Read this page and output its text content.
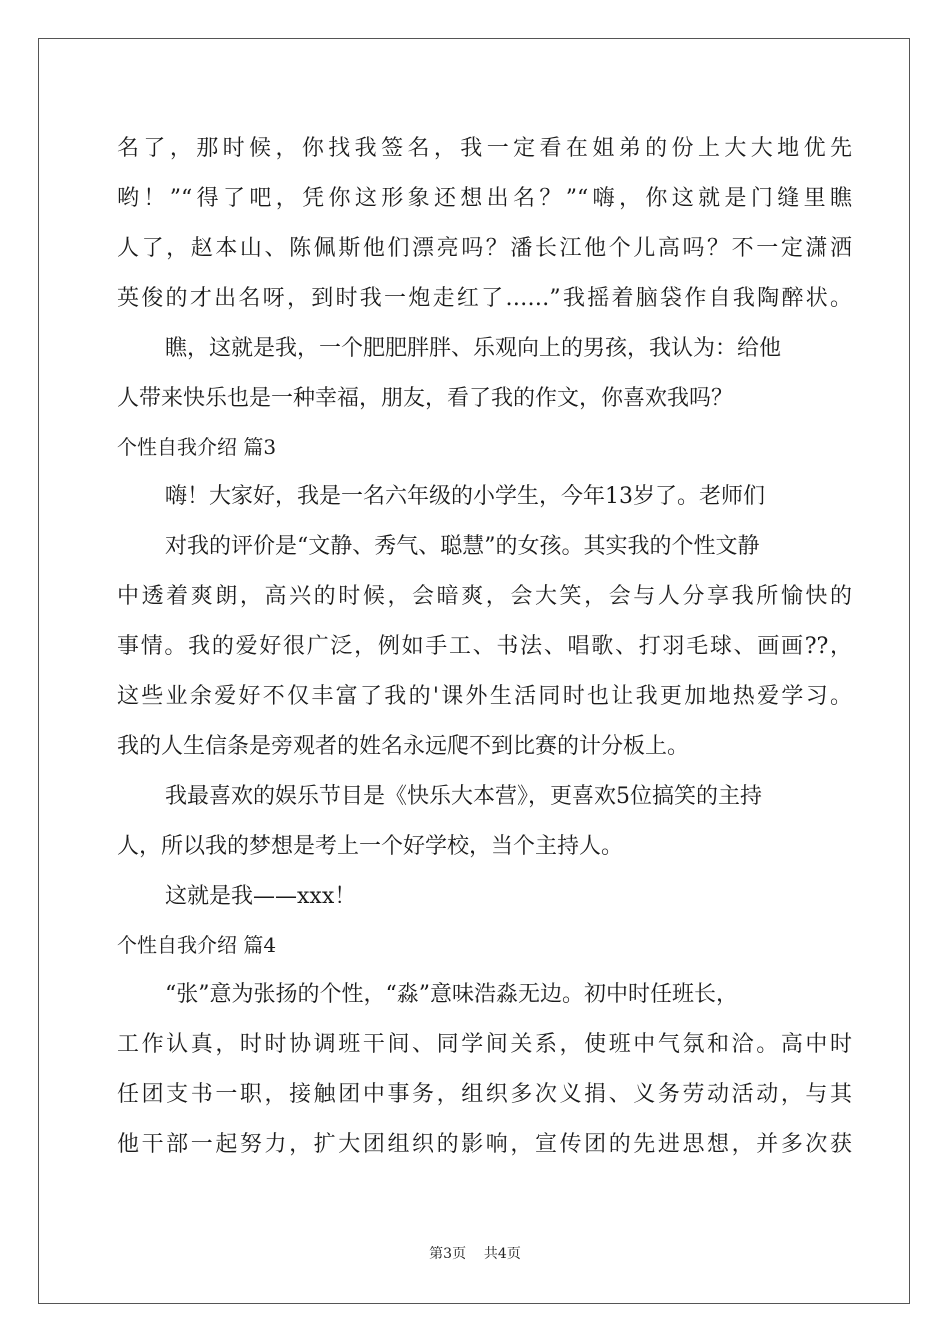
名了，那时候，你找我签名，我一定看在姐弟的份上大大地优先
哟！”“得了吧，凭你这形象还想出名？”“嗨，你这就是门缝里瞧
人了，赵本山、陈佩斯他们漂亮吗？潘长江他个儿高吗？不一定潇洒
英俊的才出名呀，到时我一炮走红了……”我摇着脑袋作自我陶醉状。
瞧，这就是我，一个肥肥胖胖、乐观向上的男孩，我认为：给他
人带来快乐也是一种幸福，朋友，看了我的作文，你喜欢我吗？
个性自我介绍 篇3
嗨！大家好，我是一名六年级的小学生，今年13岁了。老师们
对我的评价是“文静、秀气、聪慧”的女孩。其实我的个性文静
中透着爽朗，高兴的时候，会暗爽，会大笑，会与人分享我所愉快的
事情。我的爱好很广泛，例如手工、书法、唱歌、打羽毛球、画画??，
这些业余爱好不仅丰富了我的'课外生活同时也让我更加地热爱学习。
我的人生信条是旁观者的姓名永远爬不到比赛的计分板上。
我最喜欢的娱乐节目是《快乐大本营》，更喜欢5位搞笑的主持
人，所以我的梦想是考上一个好学校，当个主持人。
这就是我——xxx！
个性自我介绍 篇4
“张”意为张扬的个性，“淼”意味浩淼无边。初中时任班长，
工作认真，时时协调班干间、同学间关系，使班中气氛和洽。高中时
任团支书一职，接触团中事务，组织多次义捐、义务劳动活动，与其
他干部一起努力，扩大团组织的影响，宣传团的先进思想，并多次获
第3页 共4页
